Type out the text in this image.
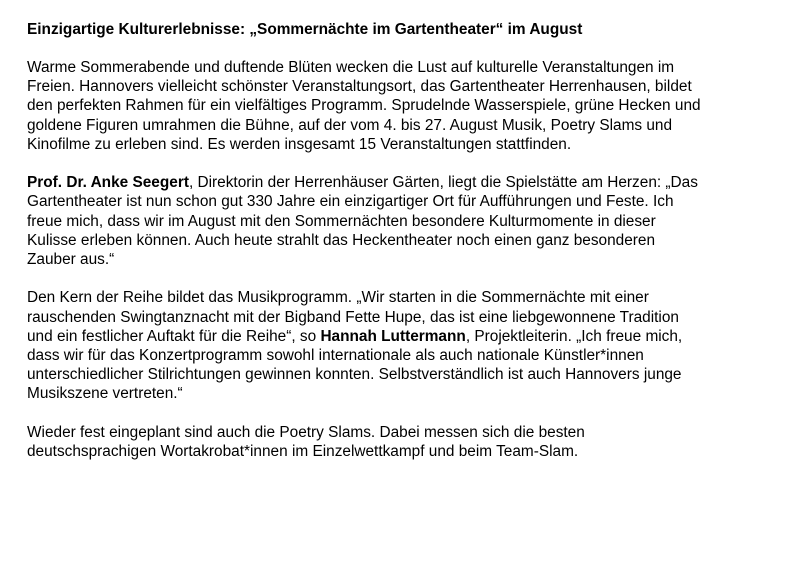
Einzigartige Kulturerlebnisse: „Sommernächte im Gartentheater“ im August
Warme Sommerabende und duftende Blüten wecken die Lust auf kulturelle Veranstaltungen im
Freien. Hannovers vielleicht schönster Veranstaltungsort, das Gartentheater Herrenhausen, bildet
den perfekten Rahmen für ein vielfältiges Programm. Sprudelnde Wasserspiele, grüne Hecken und
goldene Figuren umrahmen die Bühne, auf der vom 4. bis 27. August Musik, Poetry Slams und
Kinofilme zu erleben sind. Es werden insgesamt 15 Veranstaltungen stattfinden.
Prof. Dr. Anke Seegert, Direktorin der Herrenhäuser Gärten, liegt die Spielstätte am Herzen: „Das
Gartentheater ist nun schon gut 330 Jahre ein einzigartiger Ort für Aufführungen und Feste. Ich
freue mich, dass wir im August mit den Sommernächten besondere Kulturmomente in dieser
Kulisse erleben können. Auch heute strahlt das Heckentheater noch einen ganz besonderen
Zauber aus.“
Den Kern der Reihe bildet das Musikprogramm. „Wir starten in die Sommernächte mit einer
rauschenden Swingtanznacht mit der Bigband Fette Hupe, das ist eine liebgewonnene Tradition
und ein festlicher Auftakt für die Reihe“, so Hannah Luttermann, Projektleiterin. „Ich freue mich,
dass wir für das Konzertprogramm sowohl internationale als auch nationale Künstler*innen
unterschiedlicher Stilrichtungen gewinnen konnten. Selbstverständlich ist auch Hannovers junge
Musikszene vertreten.“
Wieder fest eingeplant sind auch die Poetry Slams. Dabei messen sich die besten
deutschsprachigen Wortakrobat*innen im Einzelwettkampf und beim Team-Slam.
